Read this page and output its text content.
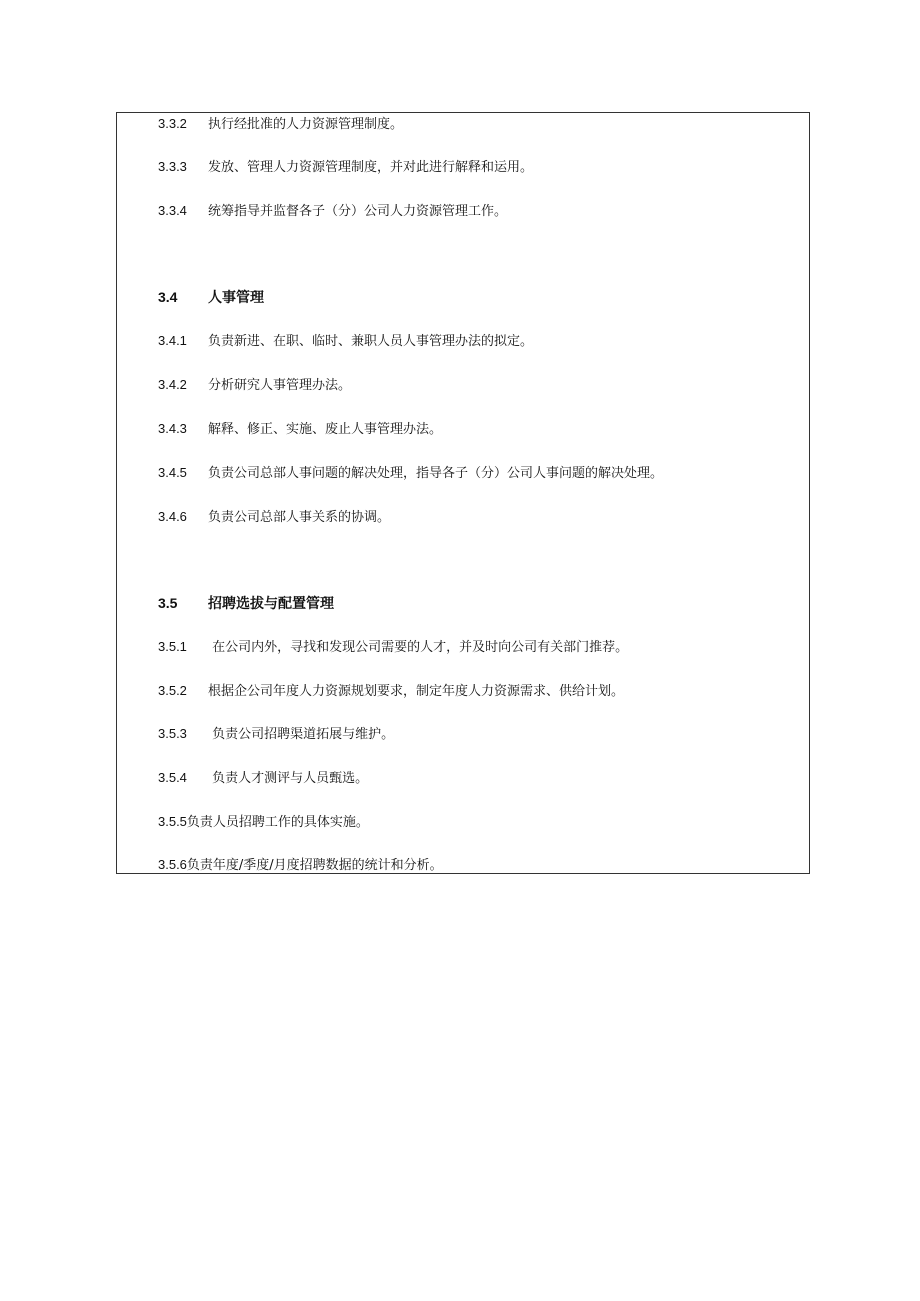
3.3.2 执行经批准的人力资源管理制度。
3.3.3 发放、管理人力资源管理制度，并对此进行解释和运用。
3.3.4 统筹指导并监督各子（分）公司人力资源管理工作。
3.4 人事管理
3.4.1 负责新进、在职、临时、兼职人员人事管理办法的拟定。
3.4.2 分析研究人事管理办法。
3.4.3 解释、修正、实施、废止人事管理办法。
3.4.5 负责公司总部人事问题的解决处理，指导各子（分）公司人事问题的解决处理。
3.4.6 负责公司总部人事关系的协调。
3.5 招聘选拔与配置管理
3.5.1 在公司内外，寻找和发现公司需要的人才，并及时向公司有关部门推荐。
3.5.2 根据企公司年度人力资源规划要求，制定年度人力资源需求、供给计划。
3.5.3 负责公司招聘渠道拓展与维护。
3.5.4 负责人才测评与人员甄选。
3.5.5负责人员招聘工作的具体实施。
3.5.6负责年度/季度/月度招聘数据的统计和分析。
